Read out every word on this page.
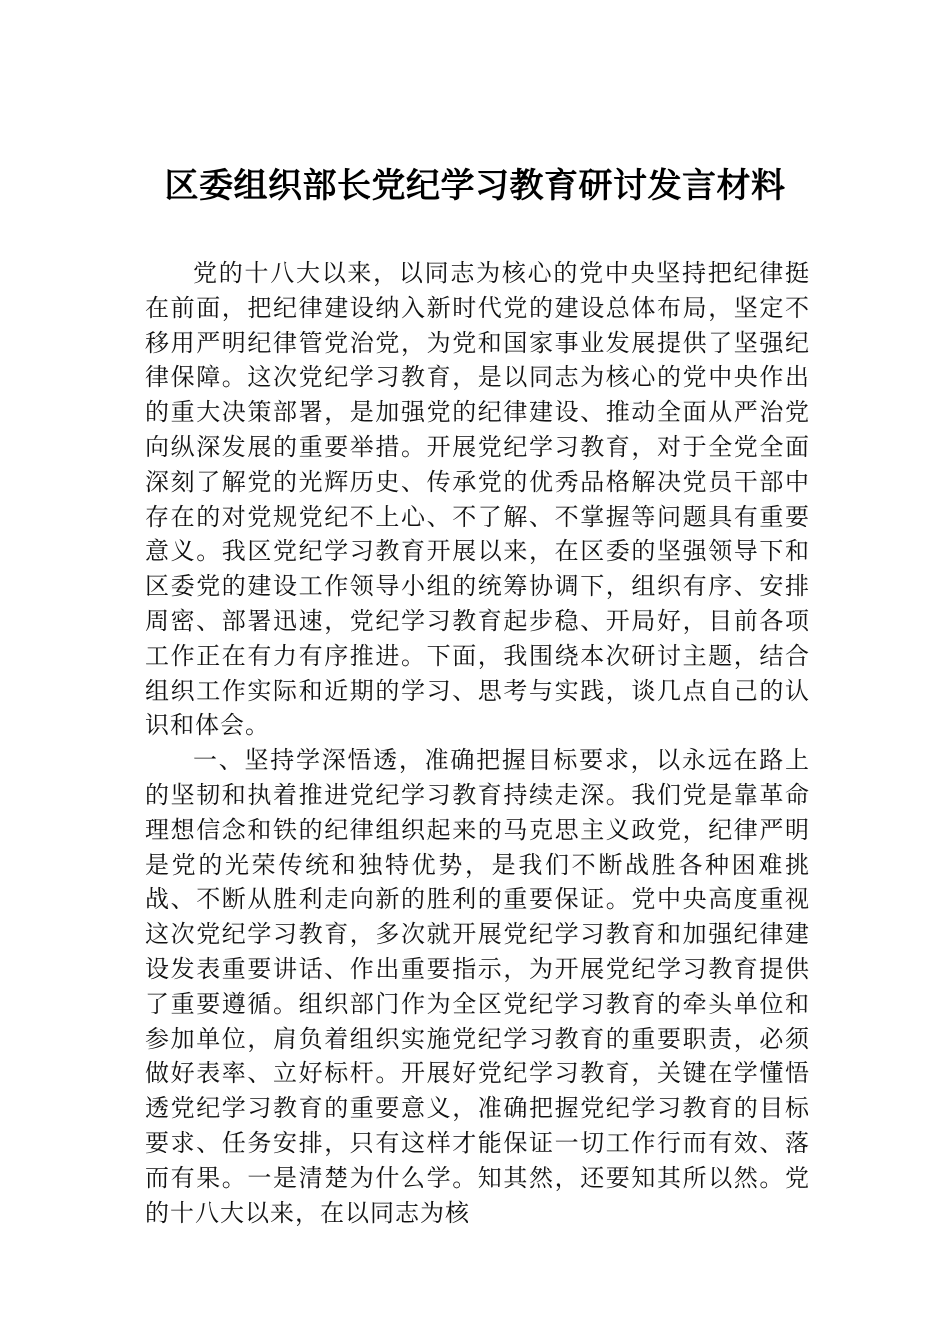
区委组织部长党纪学习教育研讨发言材料

党的十八大以来，以同志为核心的党中央坚持把纪律挺在前面，把纪律建设纳入新时代党的建设总体布局，坚定不移用严明纪律管党治党，为党和国家事业发展提供了坚强纪律保障。这次党纪学习教育，是以同志为核心的党中央作出的重大决策部署，是加强党的纪律建设、推动全面从严治党向纵深发展的重要举措。开展党纪学习教育，对于全党全面深刻了解党的光辉历史、传承党的优秀品格解决党员干部中存在的对党规党纪不上心、不了解、不掌握等问题具有重要意义。我区党纪学习教育开展以来，在区委的坚强领导下和区委党的建设工作领导小组的统筹协调下，组织有序、安排周密、部署迅速，党纪学习教育起步稳、开局好，目前各项工作正在有力有序推进。下面，我围绕本次研讨主题，结合组织工作实际和近期的学习、思考与实践，谈几点自己的认识和体会。

一、坚持学深悟透，准确把握目标要求，以永远在路上的坚韧和执着推进党纪学习教育持续走深。我们党是靠革命理想信念和铁的纪律组织起来的马克思主义政党，纪律严明是党的光荣传统和独特优势，是我们不断战胜各种困难挑战、不断从胜利走向新的胜利的重要保证。党中央高度重视这次党纪学习教育，多次就开展党纪学习教育和加强纪律建设发表重要讲话、作出重要指示，为开展党纪学习教育提供了重要遵循。组织部门作为全区党纪学习教育的牵头单位和参加单位，肩负着组织实施党纪学习教育的重要职责，必须做好表率、立好标杆。开展好党纪学习教育，关键在学懂悟透党纪学习教育的重要意义，准确把握党纪学习教育的目标要求、任务安排，只有这样才能保证一切工作行而有效、落而有果。一是清楚为什么学。知其然，还要知其所以然。党的十八大以来，在以同志为核
